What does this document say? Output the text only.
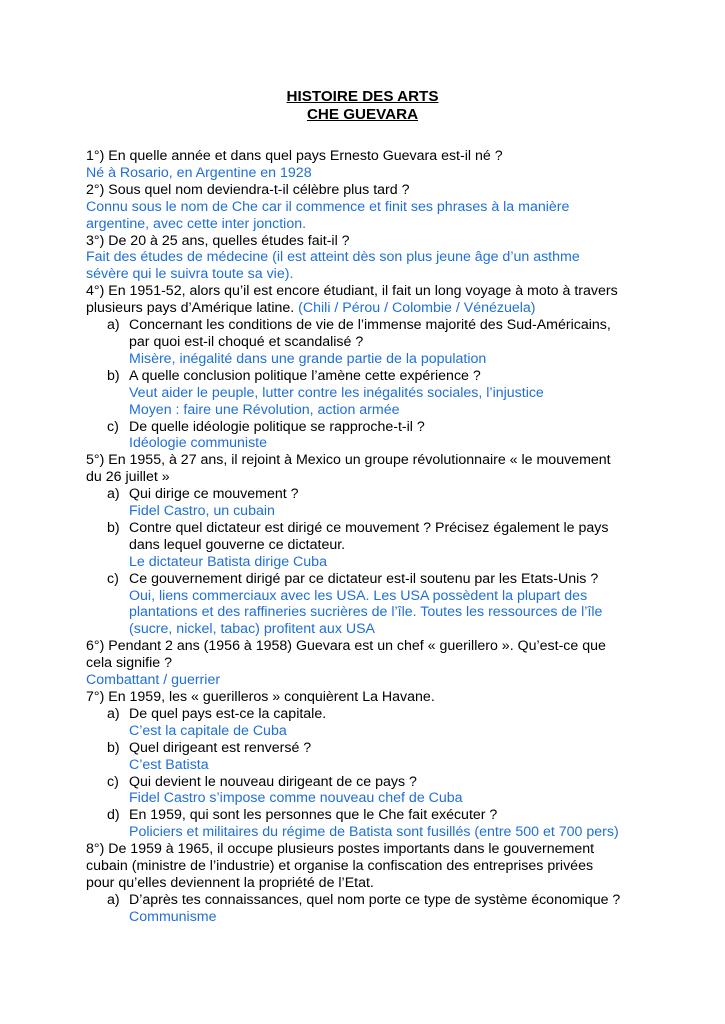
HISTOIRE DES ARTS
CHE GUEVARA

1°) En quelle année et dans quel pays Ernesto Guevara est-il né ?

Né à Rosario, en Argentine en 1928

2°) Sous quel nom deviendra-t-il célèbre plus tard ?

Connu sous le nom de Che car il commence et finit ses phrases à la manière

argentine, avec cette inter jonction.

3°) De 20 à 25 ans, quelles études fait-il ?

Fait des études de médecine (il est atteint dès son plus jeune âge d’un asthme

sévère qui le suivra toute sa vie).

4°) En 1951-52, alors qu’il est encore étudiant, il fait un long voyage à moto à travers

plusieurs pays d’Amérique latine. (Chili / Pérou / Colombie / Vénézuela)

a) Concernant les conditions de vie de l’immense majorité des Sud-Américains,

par quoi est-il choqué et scandalisé ?

Misère, inégalité dans une grande partie de la population

b) A quelle conclusion politique l’amène cette expérience ?

Veut aider le peuple, lutter contre les inégalités sociales, l’injustice

Moyen : faire une Révolution, action armée

c) De quelle idéologie politique se rapproche-t-il ?

Idéologie communiste

5°) En 1955, à 27 ans, il rejoint à Mexico un groupe révolutionnaire « le mouvement

du 26 juillet »

a) Qui dirige ce mouvement ?

Fidel Castro, un cubain

b) Contre quel dictateur est dirigé ce mouvement ? Précisez également le pays

dans lequel gouverne ce dictateur.

Le dictateur Batista dirige Cuba

c) Ce gouvernement dirigé par ce dictateur est-il soutenu par les Etats-Unis ?

Oui, liens commerciaux avec les USA. Les USA possèdent la plupart des

plantations et des raffineries sucrières de l’île. Toutes les ressources de l’île

(sucre, nickel, tabac) profitent aux USA

6°) Pendant 2 ans (1956 à 1958) Guevara est un chef « guerillero ». Qu’est-ce que

cela signifie ?

Combattant / guerrier

7°) En 1959, les « guerilleros » conquièrent La Havane.

a) De quel pays est-ce la capitale.

C’est la capitale de Cuba

b) Quel dirigeant est renversé ?

C’est Batista

c) Qui devient le nouveau dirigeant de ce pays ?

Fidel Castro s’impose comme nouveau chef de Cuba

d) En 1959, qui sont les personnes que le Che fait exécuter ?

Policiers et militaires du régime de Batista sont fusillés (entre 500 et 700 pers)

8°) De 1959 à 1965, il occupe plusieurs postes importants dans le gouvernement

cubain (ministre de l’industrie) et organise la confiscation des entreprises privées

pour qu’elles deviennent la propriété de l’Etat.

a) D’après tes connaissances, quel nom porte ce type de système économique ?

Communisme
